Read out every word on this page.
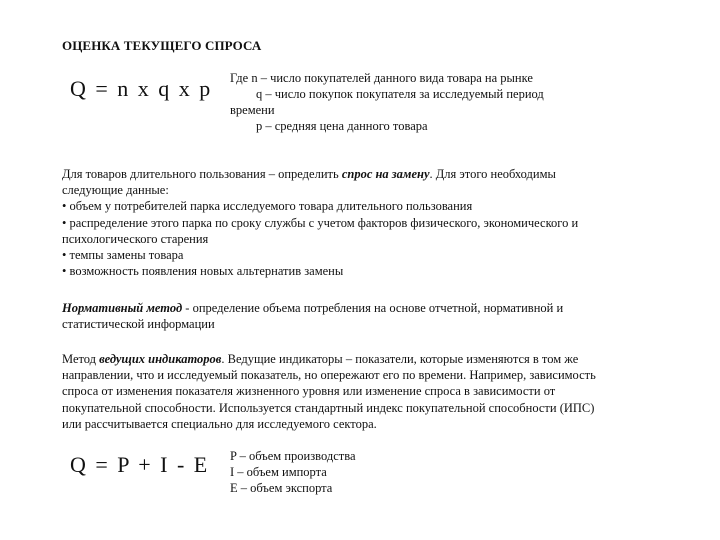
ОЦЕНКА ТЕКУЩЕГО СПРОСА
Q = n x q x p Где n – число покупателей данного вида товара на рынке
q – число покупок покупателя за исследуемый период
времени
p – средняя цена данного товара
Для товаров длительного пользования – определить спрос на замену. Для этого необходимы
следующие данные:
• объем у потребителей парка исследуемого товара длительного пользования
• распределение этого парка по сроку службы с учетом факторов физического, экономического и
психологического старения
• темпы замены товара
• возможность появления новых альтернатив замены
Нормативный метод - определение объема потребления на основе отчетной, нормативной и
статистической информации
Метод ведущих индикаторов. Ведущие индикаторы – показатели, которые изменяются в том же
направлении, что и исследуемый показатель, но опережают его по времени. Например, зависимость
спроса от изменения показателя жизненного уровня или изменение спроса в зависимости от
покупательной способности. Используется стандартный индекс покупательной способности (ИПС)
или рассчитывается специально для исследуемого сектора.
Q = P + I - E P – объем производства
I – объем импорта
E – объем экспорта
